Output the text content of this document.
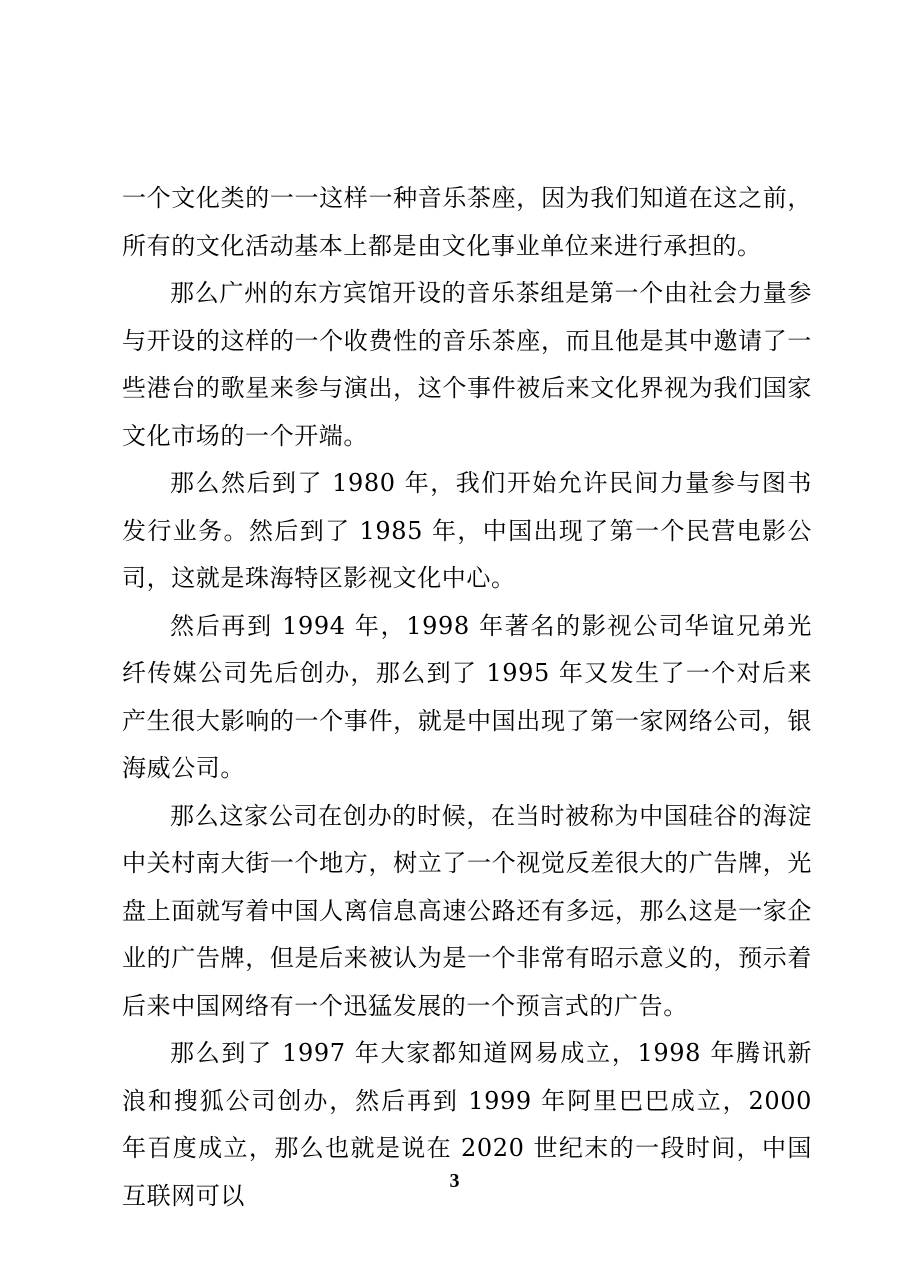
一个文化类的一一这样一种音乐茶座，因为我们知道在这之前，所有的文化活动基本上都是由文化事业单位来进行承担的。

那么广州的东方宾馆开设的音乐茶组是第一个由社会力量参与开设的这样的一个收费性的音乐茶座，而且他是其中邀请了一些港台的歌星来参与演出，这个事件被后来文化界视为我们国家文化市场的一个开端。

那么然后到了 1980 年，我们开始允许民间力量参与图书发行业务。然后到了 1985 年，中国出现了第一个民营电影公司，这就是珠海特区影视文化中心。

然后再到 1994 年，1998 年著名的影视公司华谊兄弟光纤传媒公司先后创办，那么到了 1995 年又发生了一个对后来产生很大影响的一个事件，就是中国出现了第一家网络公司，银海威公司。

那么这家公司在创办的时候，在当时被称为中国硅谷的海淀中关村南大街一个地方，树立了一个视觉反差很大的广告牌，光盘上面就写着中国人离信息高速公路还有多远，那么这是一家企业的广告牌，但是后来被认为是一个非常有昭示意义的，预示着后来中国网络有一个迅猛发展的一个预言式的广告。

那么到了 1997 年大家都知道网易成立，1998 年腾讯新浪和搜狐公司创办，然后再到 1999 年阿里巴巴成立，2000 年百度成立，那么也就是说在 2020 世纪末的一段时间，中国互联网可以

3
